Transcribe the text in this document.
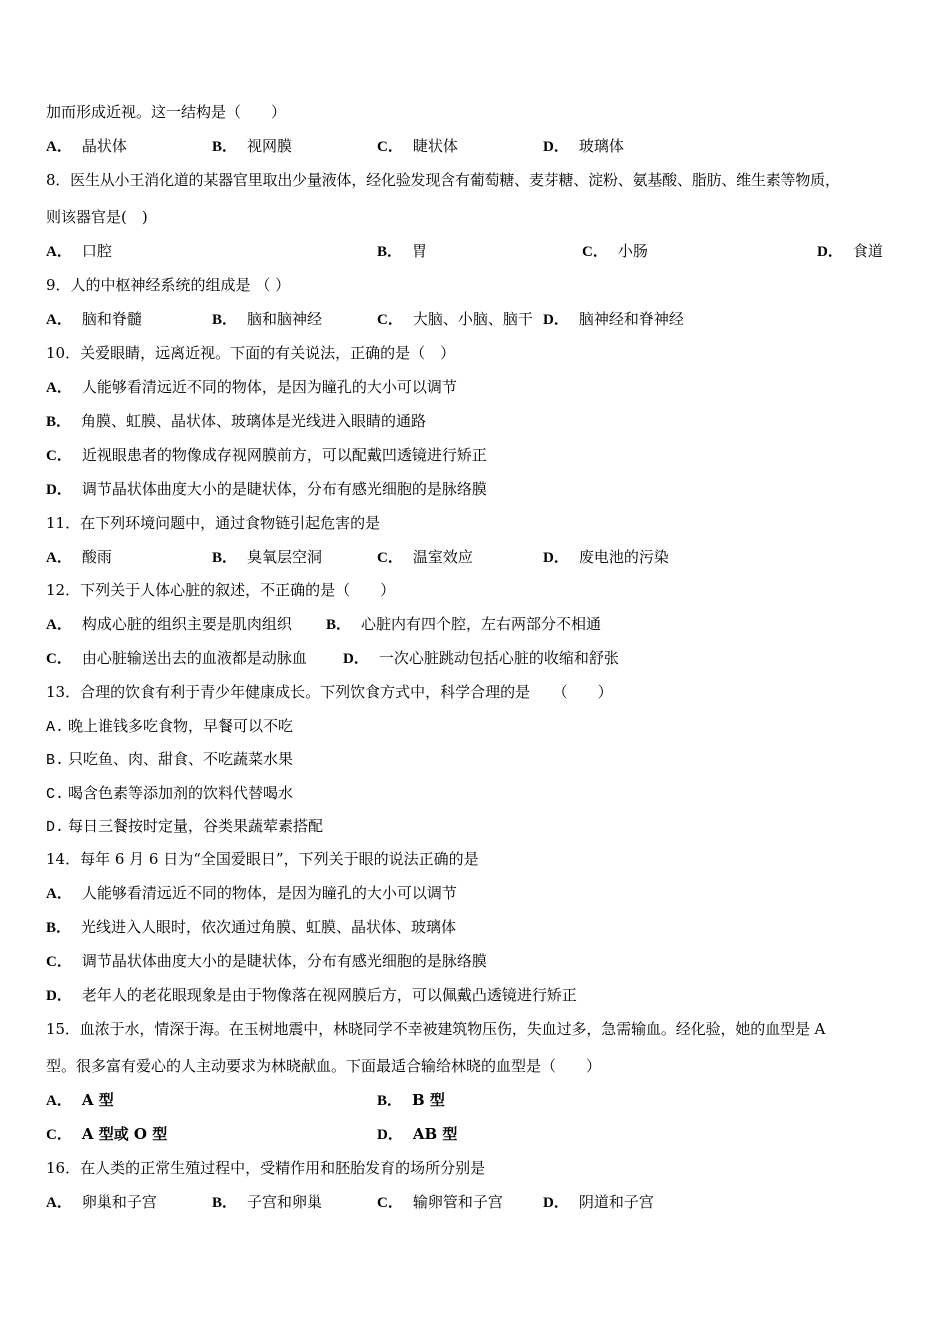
加而形成近视。这一结构是（　　）
A． 晶状体	B． 视网膜	C． 睫状体	D． 玻璃体
8．医生从小王消化道的某器官里取出少量液体，经化验发现含有葡萄糖、麦芽糖、淀粉、氨基酸、脂肪、维生素等物质，
则该器官是(　)
A． 口腔	B． 胃	C． 小肠	D． 食道
9．人的中枢神经系统的组成是 （ ）
A． 脑和脊髓	B． 脑和脑神经	C． 大脑、小脑、脑干 D． 脑神经和脊神经
10．关爱眼睛，远离近视。下面的有关说法，正确的是（　）
A． 人能够看清远近不同的物体，是因为瞳孔的大小可以调节
B． 角膜、虹膜、晶状体、玻璃体是光线进入眼睛的通路
C． 近视眼患者的物像成存视网膜前方，可以配戴凹透镜进行矫正
D． 调节晶状体曲度大小的是睫状体，分布有感光细胞的是脉络膜
11．在下列环境问题中，通过食物链引起危害的是
A． 酸雨	B． 臭氧层空洞	C． 温室效应	D． 废电池的污染
12．下列关于人体心脏的叙述，不正确的是（　　）
A． 构成心脏的组织主要是肌肉组织 B． 心脏内有四个腔，左右两部分不相通
C． 由心脏输送出去的血液都是动脉血 D． 一次心脏跳动包括心脏的收缩和舒张
13．合理的饮食有利于青少年健康成长。下列饮食方式中，科学合理的是　　（　　）
A. 晚上谁钱多吃食物，早餐可以不吃
B. 只吃鱼、肉、甜食、不吃蔬菜水果
C. 喝含色素等添加剂的饮料代替喝水
D. 每日三餐按时定量，谷类果蔬荤素搭配
14．每年 6 月 6 日为“全国爱眼日”，下列关于眼的说法正确的是
A． 人能够看清远近不同的物体，是因为瞳孔的大小可以调节
B． 光线进入人眼时，依次通过角膜、虹膜、晶状体、玻璃体
C． 调节晶状体曲度大小的是睫状体，分布有感光细胞的是脉络膜
D． 老年人的老花眼现象是由于物像落在视网膜后方，可以佩戴凸透镜进行矫正
15．血浓于水，情深于海。在玉树地震中，林晓同学不幸被建筑物压伤，失血过多，急需输血。经化验，她的血型是 A
型。很多富有爱心的人主动要求为林晓献血。下面最适合输给林晓的血型是（　　）
A． A 型	B． B 型
C． A 型或 O 型	D． AB 型
16．在人类的正常生殖过程中，受精作用和胚胎发育的场所分别是
A． 卵巢和子宫	B． 子宫和卵巢	C． 输卵管和子宫	D． 阴道和子宫
